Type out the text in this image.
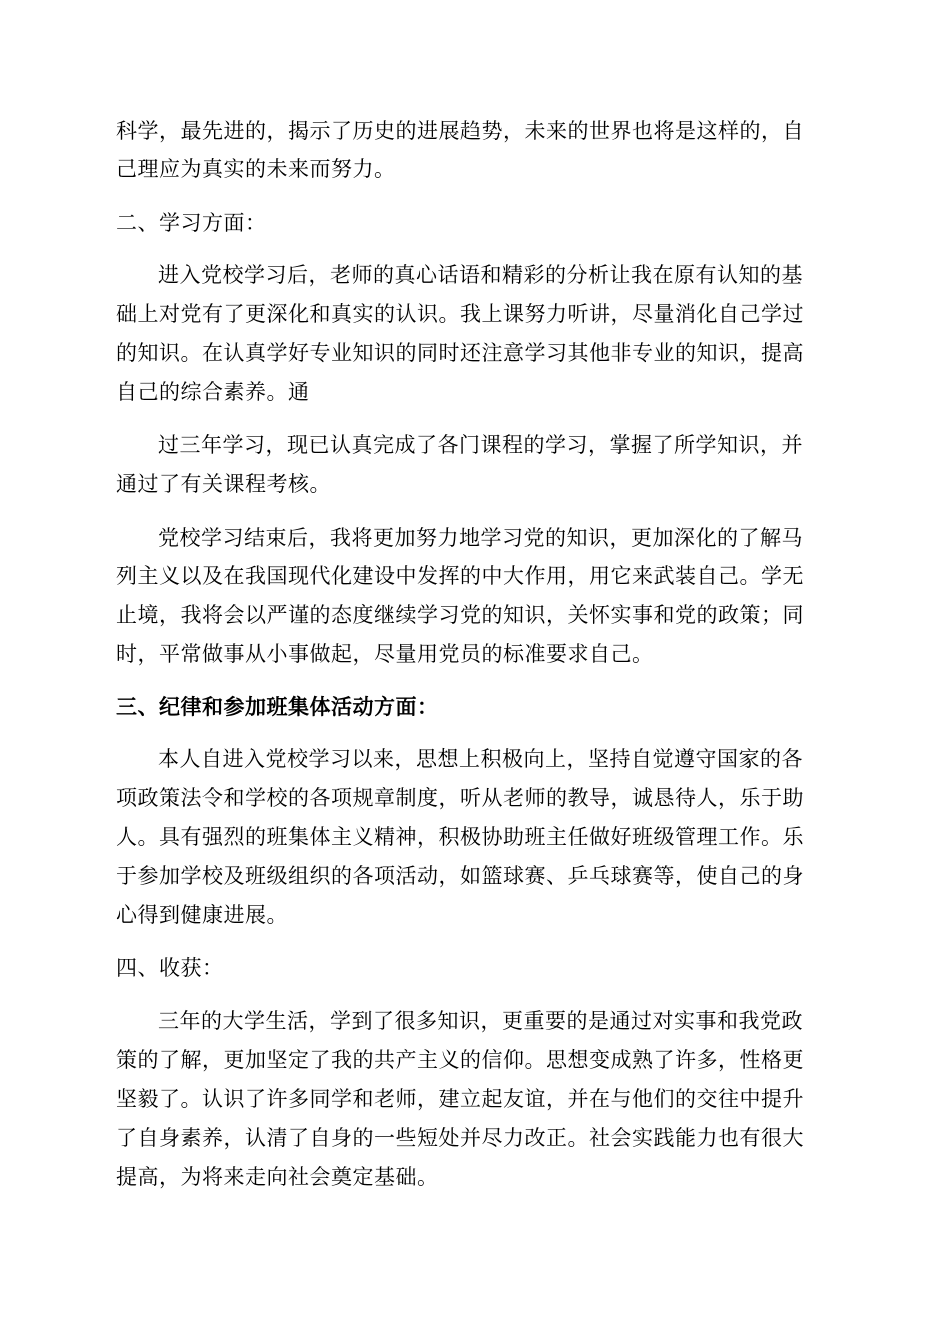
科学，最先进的，揭示了历史的进展趋势，未来的世界也将是这样的，自
己理应为真实的未来而努力。
二、学习方面：
进入党校学习后，老师的真心话语和精彩的分析让我在原有认知的基
础上对党有了更深化和真实的认识。我上课努力听讲，尽量消化自己学过
的知识。在认真学好专业知识的同时还注意学习其他非专业的知识，提高
自己的综合素养。通
过三年学习，现已认真完成了各门课程的学习，掌握了所学知识，并
通过了有关课程考核。
党校学习结束后，我将更加努力地学习党的知识，更加深化的了解马
列主义以及在我国现代化建设中发挥的中大作用，用它来武装自己。学无
止境，我将会以严谨的态度继续学习党的知识，关怀实事和党的政策；同
时，平常做事从小事做起，尽量用党员的标准要求自己。
三、纪律和参加班集体活动方面：
本人自进入党校学习以来，思想上积极向上，坚持自觉遵守国家的各
项政策法令和学校的各项规章制度，听从老师的教导，诚恳待人，乐于助
人。具有强烈的班集体主义精神，积极协助班主任做好班级管理工作。乐
于参加学校及班级组织的各项活动，如篮球赛、乒乓球赛等，使自己的身
心得到健康进展。
四、收获：
三年的大学生活，学到了很多知识，更重要的是通过对实事和我党政
策的了解，更加坚定了我的共产主义的信仰。思想变成熟了许多，性格更
坚毅了。认识了许多同学和老师，建立起友谊，并在与他们的交往中提升
了自身素养，认清了自身的一些短处并尽力改正。社会实践能力也有很大
提高，为将来走向社会奠定基础。
